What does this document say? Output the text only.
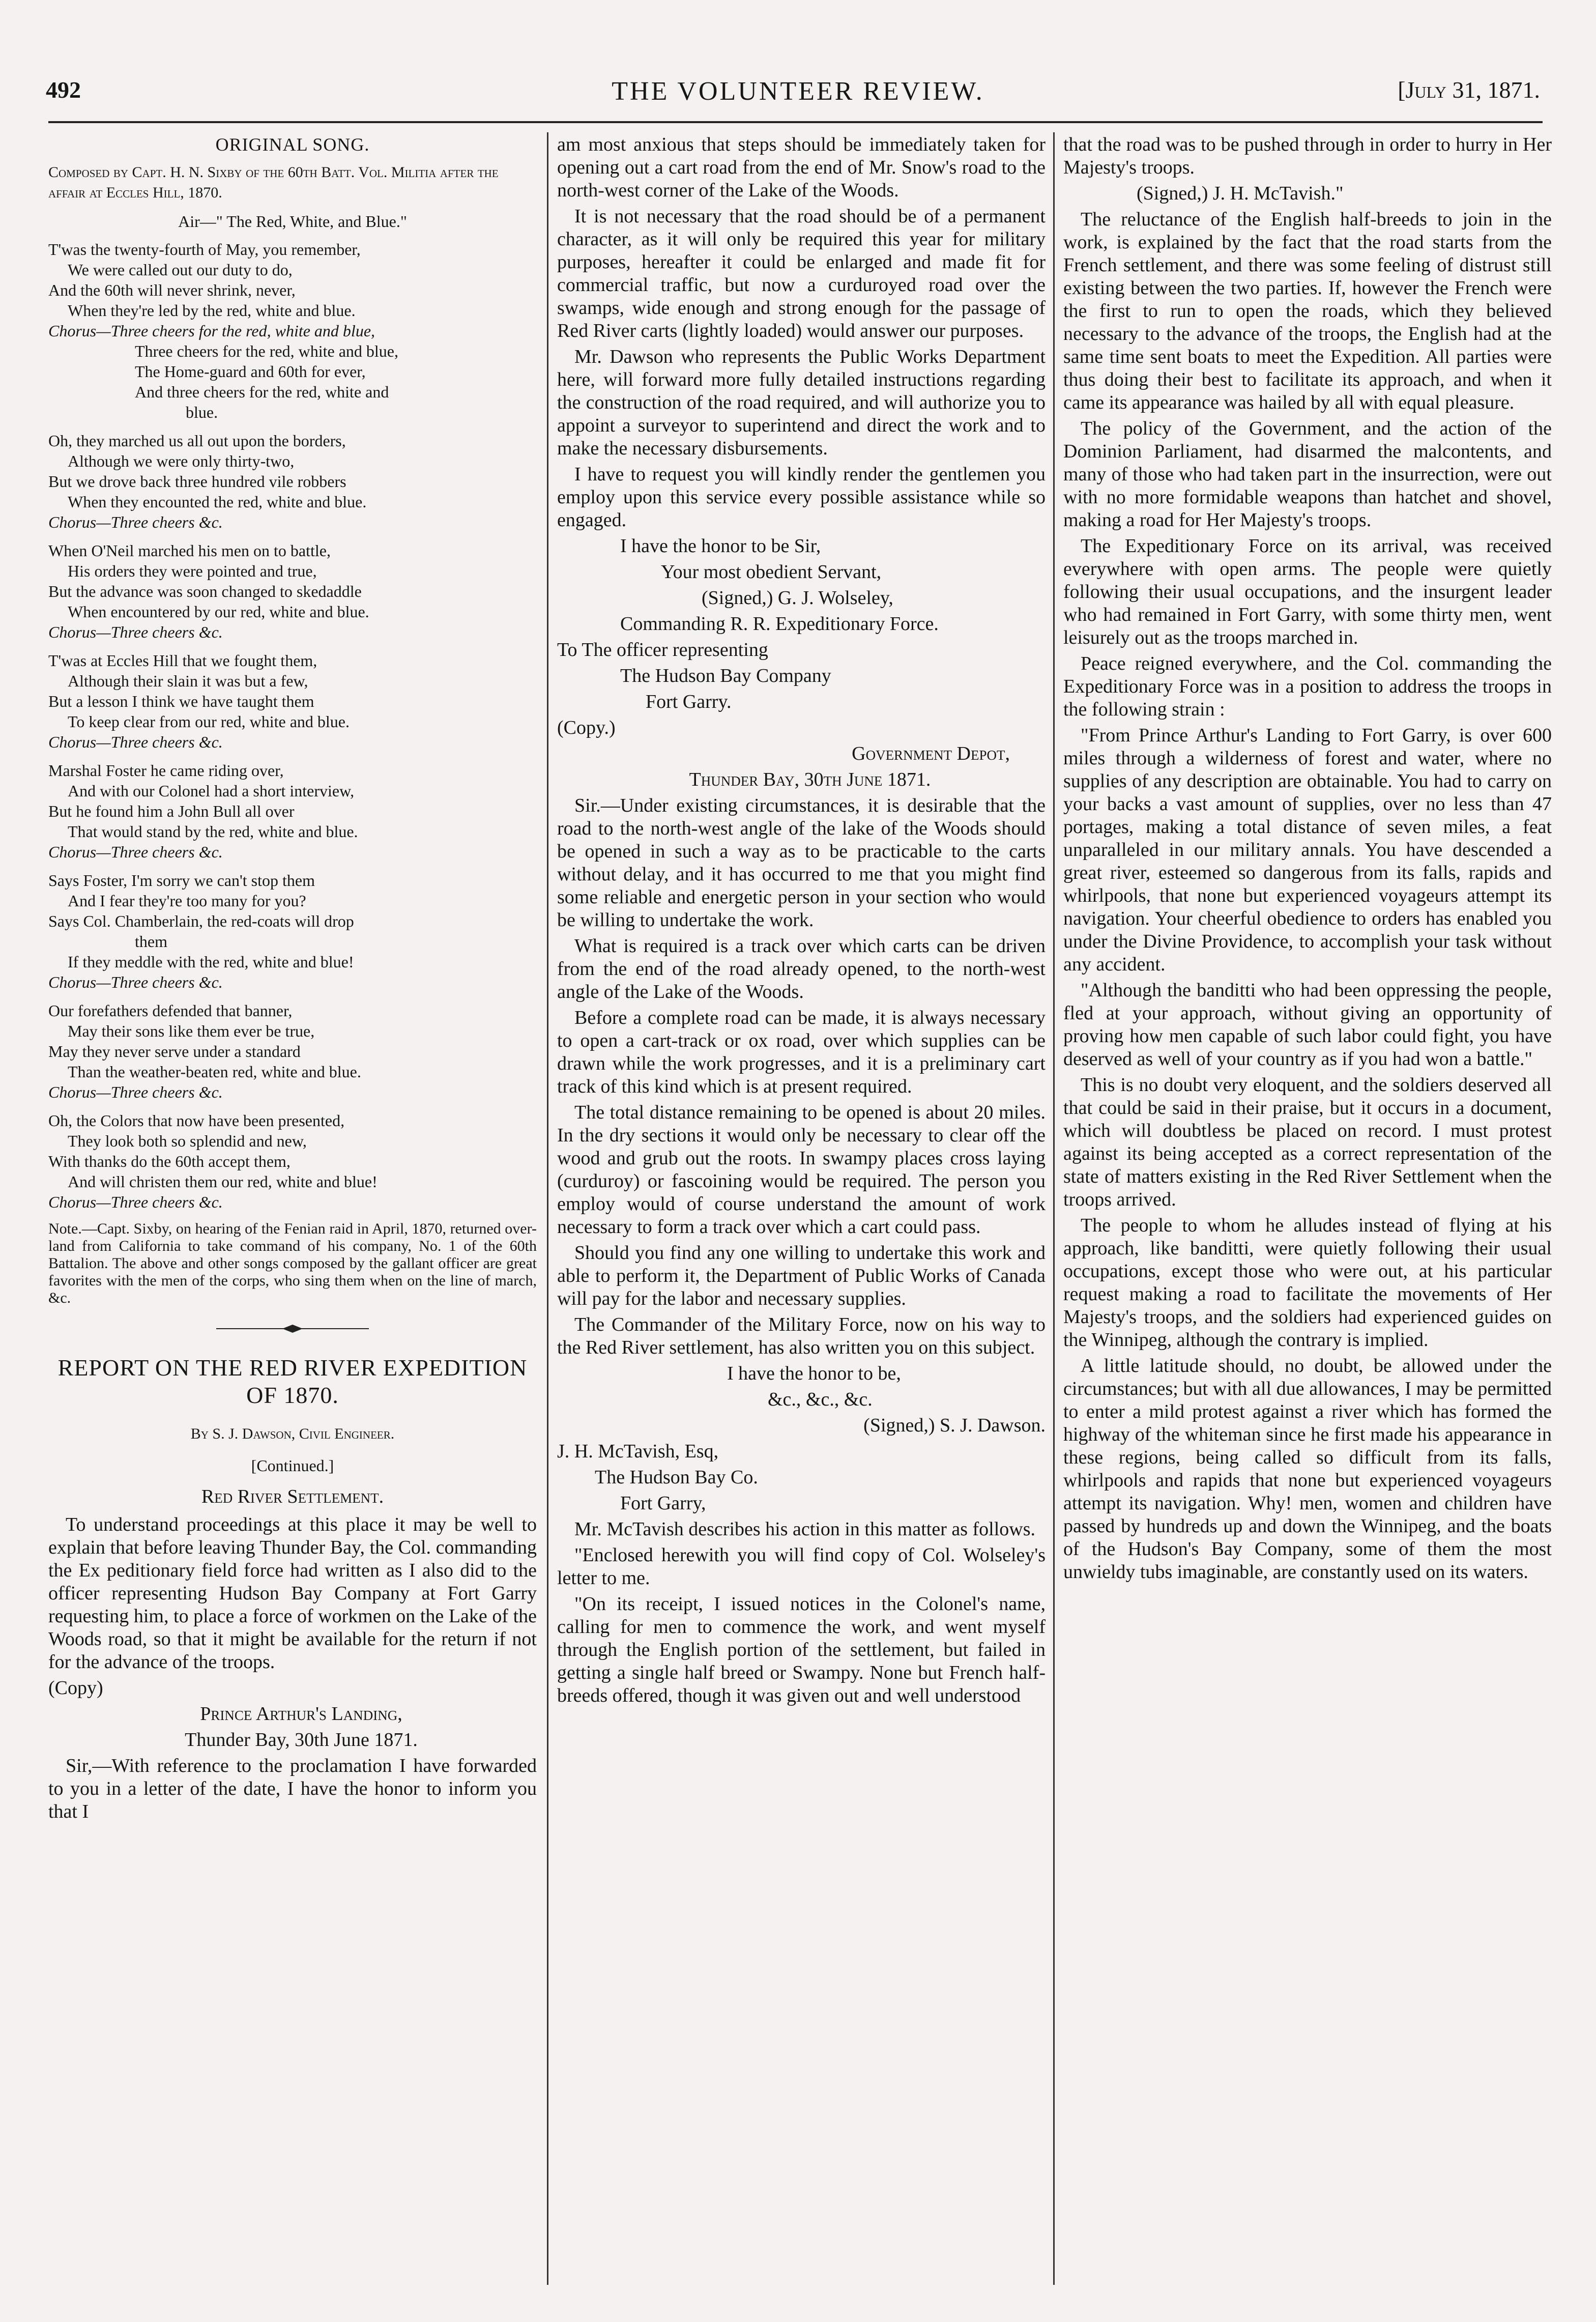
492	THE VOLUNTEER REVIEW.	[July 31, 1871.
ORIGINAL SONG.
Composed by Capt. H. N. Sixby of the 60th Batt. Vol. Militia after the affair at Eccles Hill, 1870.
Air—" The Red, White, and Blue."
T'was the twenty-fourth of May, you remember,
We were called out our duty to do,
And the 60th will never shrink, never,
When they're led by the red, white and blue.
Chorus—Three cheers for the red, white and blue,
Three cheers for the red, white and blue,
The Home-guard and 60th for ever,
And three cheers for the red, white and
blue.
Oh, they marched us all out upon the borders,
Although we were only thirty-two,
But we drove back three hundred vile robbers
When they encounted the red, white and blue.
Chorus—Three cheers &c.
When O'Neil marched his men on to battle,
His orders they were pointed and true,
But the advance was soon changed to skedaddle
When encountered by our red, white and blue.
Chorus—Three cheers &c.
T'was at Eccles Hill that we fought them,
Although their slain it was but a few,
But a lesson I think we have taught them
To keep clear from our red, white and blue.
Chorus—Three cheers &c.
Marshal Foster he came riding over,
And with our Colonel had a short interview,
But he found him a John Bull all over
That would stand by the red, white and blue.
Chorus—Three cheers &c.
Says Foster, I'm sorry we can't stop them
And I fear they're too many for you?
Says Col. Chamberlain, the red-coats will drop
them
If they meddle with the red, white and blue!
Chorus—Three cheers &c.
Our forefathers defended that banner,
May their sons like them ever be true,
May they never serve under a standard
Than the weather-beaten red, white and blue.
Chorus—Three cheers &c.
Oh, the Colors that now have been presented,
They look both so splendid and new,
With thanks do the 60th accept them,
And will christen them our red, white and blue!
Chorus—Three cheers &c.
Note.—Capt. Sixby, on hearing of the Fenian raid in April, 1870, returned over-land from California to take command of his company, No. 1 of the 60th Battalion. The above and other songs composed by the gallant officer are great favorites with the men of the corps, who sing them when on the line of march, &c.
REPORT ON THE RED RIVER EXPEDITION OF 1870.
By S. J. Dawson, Civil Engineer.
[Continued.]
Red River Settlement.

To understand proceedings at this place it may be well to explain that before leaving Thunder Bay, the Col. commanding the Ex peditionary field force had written as I also did to the officer representing Hudson Bay Company at Fort Garry requesting him, to place a force of workmen on the Lake of the Woods road, so that it might be available for the return if not for the advance of the troops.

(Copy)

Prince Arthur's Landing,

Thunder Bay, 30th June 1871.

Sir,—With reference to the proclamation I have forwarded to you in a letter of the date, I have the honor to inform you that I

am most anxious that steps should be immediately taken for opening out a cart road from the end of Mr. Snow's road to the north-west corner of the Lake of the Woods.

It is not necessary that the road should be of a permanent character, as it will only be required this year for military purposes, hereafter it could be enlarged and made fit for commercial traffic, but now a curduroyed road over the swamps, wide enough and strong enough for the passage of Red River carts (lightly loaded) would answer our purposes.

Mr. Dawson who represents the Public Works Department here, will forward more fully detailed instructions regarding the construction of the road required, and will authorize you to appoint a surveyor to superintend and direct the work and to make the necessary disbursements.

I have to request you will kindly render the gentlemen you employ upon this service every possible assistance while so engaged.

I have the honor to be Sir,

Your most obedient Servant,

(Signed,) G. J. Wolseley,

Commanding R. R. Expeditionary Force.

To The officer representing

The Hudson Bay Company

Fort Garry.

(Copy.)

Government Depot,

Thunder Bay, 30th June 1871.

Sir.—Under existing circumstances, it is desirable that the road to the north-west angle of the lake of the Woods should be opened in such a way as to be practicable to the carts without delay, and it has occurred to me that you might find some reliable and energetic person in your section who would be willing to undertake the work.

What is required is a track over which carts can be driven from the end of the road already opened, to the north-west angle of the Lake of the Woods.

Before a complete road can be made, it is always necessary to open a cart-track or ox road, over which supplies can be drawn while the work progresses, and it is a preliminary cart track of this kind which is at present required.

The total distance remaining to be opened is about 20 miles. In the dry sections it would only be necessary to clear off the wood and grub out the roots. In swampy places cross laying (curduroy) or fascoining would be required. The person you employ would of course understand the amount of work necessary to form a track over which a cart could pass.

Should you find any one willing to undertake this work and able to perform it, the Department of Public Works of Canada will pay for the labor and necessary supplies.

The Commander of the Military Force, now on his way to the Red River settlement, has also written you on this subject.

I have the honor to be,

&c., &c., &c.

(Signed,) S. J. Dawson.

J. H. McTavish, Esq,

The Hudson Bay Co.

Fort Garry,

Mr. McTavish describes his action in this matter as follows.

"Enclosed herewith you will find copy of Col. Wolseley's letter to me.

"On its receipt, I issued notices in the Colonel's name, calling for men to commence the work, and went myself through the English portion of the settlement, but failed in getting a single half breed or Swampy. None but French half-breeds offered, though it was given out and well understood

that the road was to be pushed through in order to hurry in Her Majesty's troops.

(Signed,) J. H. McTavish."

The reluctance of the English half-breeds to join in the work, is explained by the fact that the road starts from the French settlement, and there was some feeling of distrust still existing between the two parties. If, however the French were the first to run to open the roads, which they believed necessary to the advance of the troops, the English had at the same time sent boats to meet the Expedition. All parties were thus doing their best to facilitate its approach, and when it came its appearance was hailed by all with equal pleasure.

The policy of the Government, and the action of the Dominion Parliament, had disarmed the malcontents, and many of those who had taken part in the insurrection, were out with no more formidable weapons than hatchet and shovel, making a road for Her Majesty's troops.

The Expeditionary Force on its arrival, was received everywhere with open arms. The people were quietly following their usual occupations, and the insurgent leader who had remained in Fort Garry, with some thirty men, went leisurely out as the troops marched in.

Peace reigned everywhere, and the Col. commanding the Expeditionary Force was in a position to address the troops in the following strain :

"From Prince Arthur's Landing to Fort Garry, is over 600 miles through a wilderness of forest and water, where no supplies of any description are obtainable. You had to carry on your backs a vast amount of supplies, over no less than 47 portages, making a total distance of seven miles, a feat unparalleled in our military annals. You have descended a great river, esteemed so dangerous from its falls, rapids and whirlpools, that none but experienced voyageurs attempt its navigation. Your cheerful obedience to orders has enabled you under the Divine Providence, to accomplish your task without any accident.

"Although the banditti who had been oppressing the people, fled at your approach, without giving an opportunity of proving how men capable of such labor could fight, you have deserved as well of your country as if you had won a battle."

This is no doubt very eloquent, and the soldiers deserved all that could be said in their praise, but it occurs in a document, which will doubtless be placed on record. I must protest against its being accepted as a correct representation of the state of matters existing in the Red River Settlement when the troops arrived.

The people to whom he alludes instead of flying at his approach, like banditti, were quietly following their usual occupations, except those who were out, at his particular request making a road to facilitate the movements of Her Majesty's troops, and the soldiers had experienced guides on the Winnipeg, although the contrary is implied.

A little latitude should, no doubt, be allowed under the circumstances; but with all due allowances, I may be permitted to enter a mild protest against a river which has formed the highway of the whiteman since he first made his appearance in these regions, being called so difficult from its falls, whirlpools and rapids that none but experienced voyageurs attempt its navigation. Why! men, women and children have passed by hundreds up and down the Winnipeg, and the boats of the Hudson's Bay Company, some of them the most unwieldy tubs imaginable, are constantly used on its waters.
